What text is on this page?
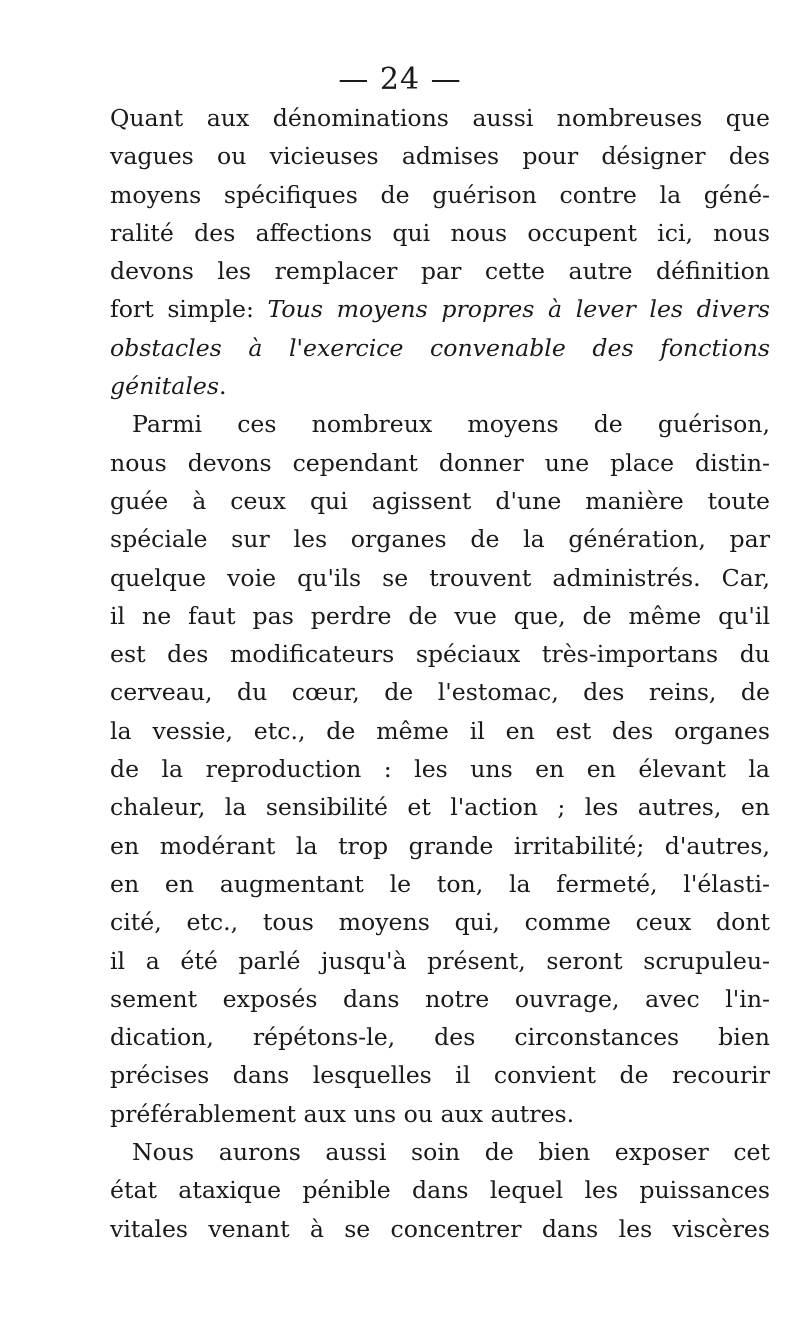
— 24 —
Quant aux dénominations aussi nombreuses que
vagues ou vicieuses admises pour désigner des
moyens spécifiques de guérison contre la géné-
ralité des affections qui nous occupent ici, nous
devons les remplacer par cette autre définition
fort simple: Tous moyens propres à lever les divers
obstacles à l'exercice convenable des fonctions
génitales.
Parmi ces nombreux moyens de guérison,
nous devons cependant donner une place distin-
guée à ceux qui agissent d'une manière toute
spéciale sur les organes de la génération, par
quelque voie qu'ils se trouvent administrés. Car,
il ne faut pas perdre de vue que, de même qu'il
est des modificateurs spéciaux très-importans du
cerveau, du cœur, de l'estomac, des reins, de
la vessie, etc., de même il en est des organes
de la reproduction : les uns en en élevant la
chaleur, la sensibilité et l'action ; les autres, en
en modérant la trop grande irritabilité; d'autres,
en en augmentant le ton, la fermeté, l'élasti-
cité, etc., tous moyens qui, comme ceux dont
il a été parlé jusqu'à présent, seront scrupuleu-
sement exposés dans notre ouvrage, avec l'in-
dication, répétons-le, des circonstances bien
précises dans lesquelles il convient de recourir
préférablement aux uns ou aux autres.
Nous aurons aussi soin de bien exposer cet
état ataxique pénible dans lequel les puissances
vitales venant à se concentrer dans les viscères
